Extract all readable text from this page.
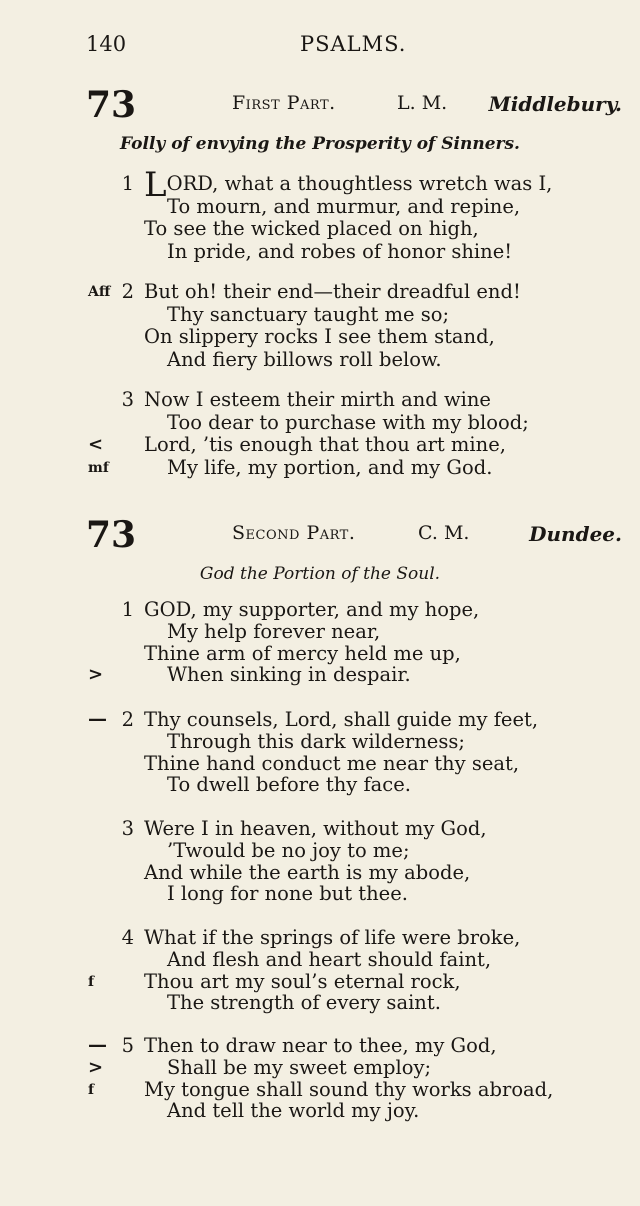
140	PSALMS.
73	First Part.	L. M. Middlebury.
Folly of envying the Prosperity of Sinners.
1 LORD, what a thoughtless wretch was I,
To mourn, and murmur, and repine,
To see the wicked placed on high,
In pride, and robes of honor shine!
Aff 2 But oh! their end—their dreadful end!
Thy sanctuary taught me so;
On slippery rocks I see them stand,
And fiery billows roll below.
3 Now I esteem their mirth and wine
Too dear to purchase with my blood;
Lord, ’tis enough that thou art mine,
<
My life, my portion, and my God.
mf
73	Second Part.	C. M.	Dundee.
God the Portion of the Soul.
1 GOD, my supporter, and my hope,
My help forever near,
Thine arm of mercy held me up,
When sinking in despair.
>
— 2 Thy counsels, Lord, shall guide my feet,
Through this dark wilderness;
Thine hand conduct me near thy seat,
To dwell before thy face.
3 Were I in heaven, without my God,
’Twould be no joy to me;
And while the earth is my abode,
I long for none but thee.
4 What if the springs of life were broke,
And flesh and heart should faint,
Thou art my soul’s eternal rock,
f
The strength of every saint.
— 5 Then to draw near to thee, my God,
Shall be my sweet employ;
>
My tongue shall sound thy works abroad,
f
And tell the world my joy.
